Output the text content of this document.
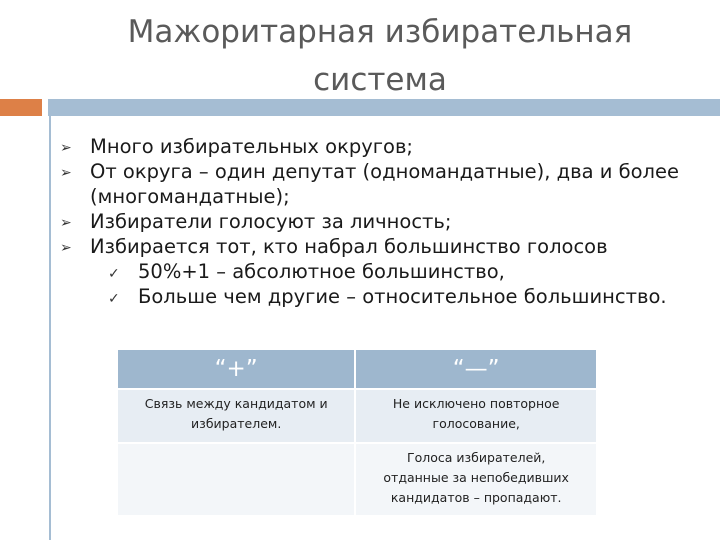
Мажоритарная избирательная
система
➢ Много избирательных округов;
➢ От округа – один депутат (одномандатные), два и более (многомандатные);
➢ Избиратели голосуют за личность;
➢ Избирается тот, кто набрал большинство голосов
✓ 50%+1 – абсолютное большинство,
✓ Больше чем другие – относительное большинство.
“+”	“—”
Связь между кандидатом и
избирателем.	Не исключено повторное
голосование,
	Голоса избирателей,
отданные за непобедивших
кандидатов – пропадают.
